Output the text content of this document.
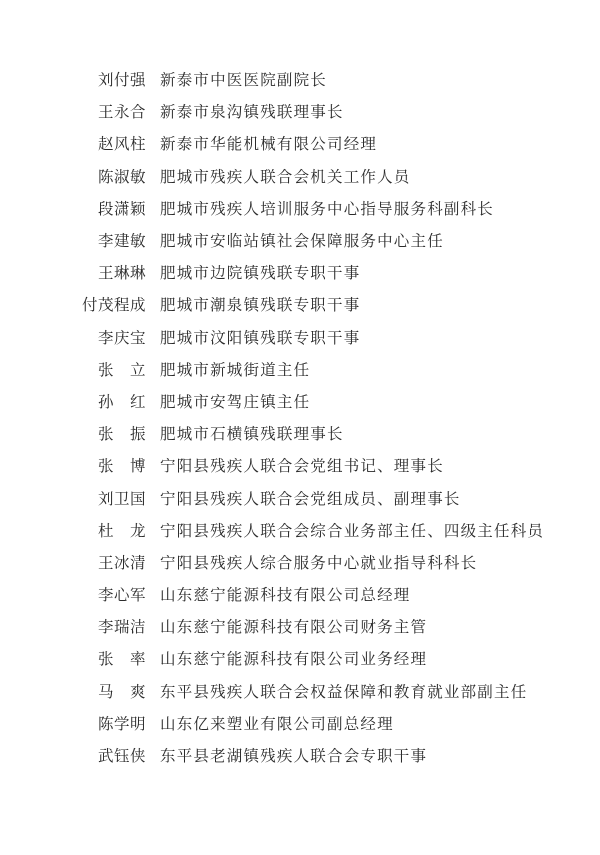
刘付强 新泰市中医医院副院长
王永合 新泰市泉沟镇残联理事长
赵风柱 新泰市华能机械有限公司经理
陈淑敏 肥城市残疾人联合会机关工作人员
段潇颖 肥城市残疾人培训服务中心指导服务科副科长
李建敏 肥城市安临站镇社会保障服务中心主任
王琳琳 肥城市边院镇残联专职干事
付茂程成 肥城市潮泉镇残联专职干事
李庆宝 肥城市汶阳镇残联专职干事
张　立 肥城市新城街道主任
孙　红 肥城市安驾庄镇主任
张　振 肥城市石横镇残联理事长
张　博 宁阳县残疾人联合会党组书记、理事长
刘卫国 宁阳县残疾人联合会党组成员、副理事长
杜　龙 宁阳县残疾人联合会综合业务部主任、四级主任科员
王冰清 宁阳县残疾人综合服务中心就业指导科科长
李心军 山东慈宁能源科技有限公司总经理
李瑞洁 山东慈宁能源科技有限公司财务主管
张　率 山东慈宁能源科技有限公司业务经理
马　爽 东平县残疾人联合会权益保障和教育就业部副主任
陈学明 山东亿来塑业有限公司副总经理
武钰侠 东平县老湖镇残疾人联合会专职干事
